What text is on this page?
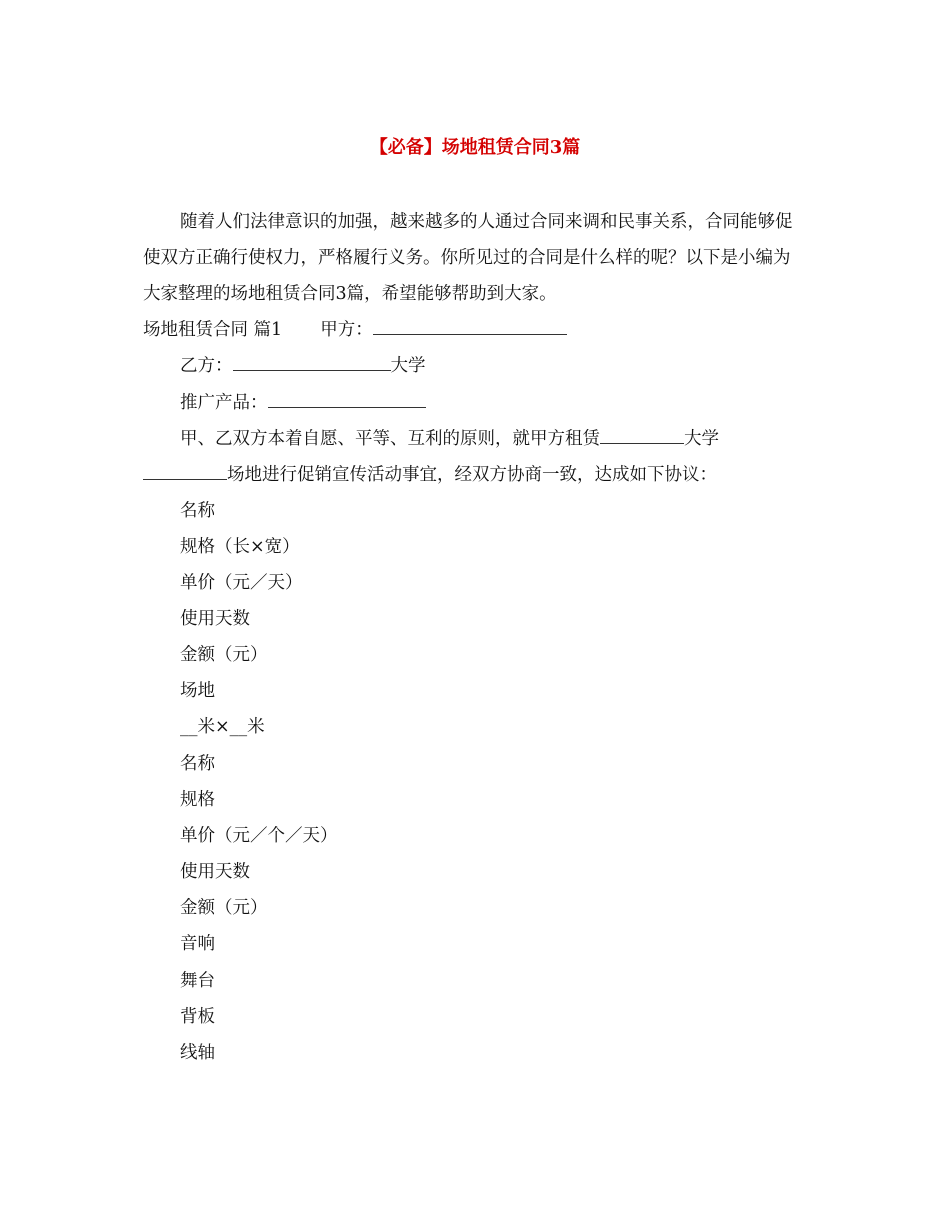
【必备】场地租赁合同3篇

随着人们法律意识的加强，越来越多的人通过合同来调和民事关系，合同能够促使双方正确行使权力，严格履行义务。你所见过的合同是什么样的呢？以下是小编为大家整理的场地租赁合同3篇，希望能够帮助到大家。

场地租赁合同 篇1 甲方：
乙方：	大学
推广产品：
甲、乙双方本着自愿、平等、互利的原则，就甲方租赁	大学
场地进行促销宣传活动事宜，经双方协商一致，达成如下协议：
名称
规格（长×宽）
单价（元／天）
使用天数
金额（元）
场地
__米×__米
名称
规格
单价（元／个／天）
使用天数
金额（元）
音响
舞台
背板
线轴
